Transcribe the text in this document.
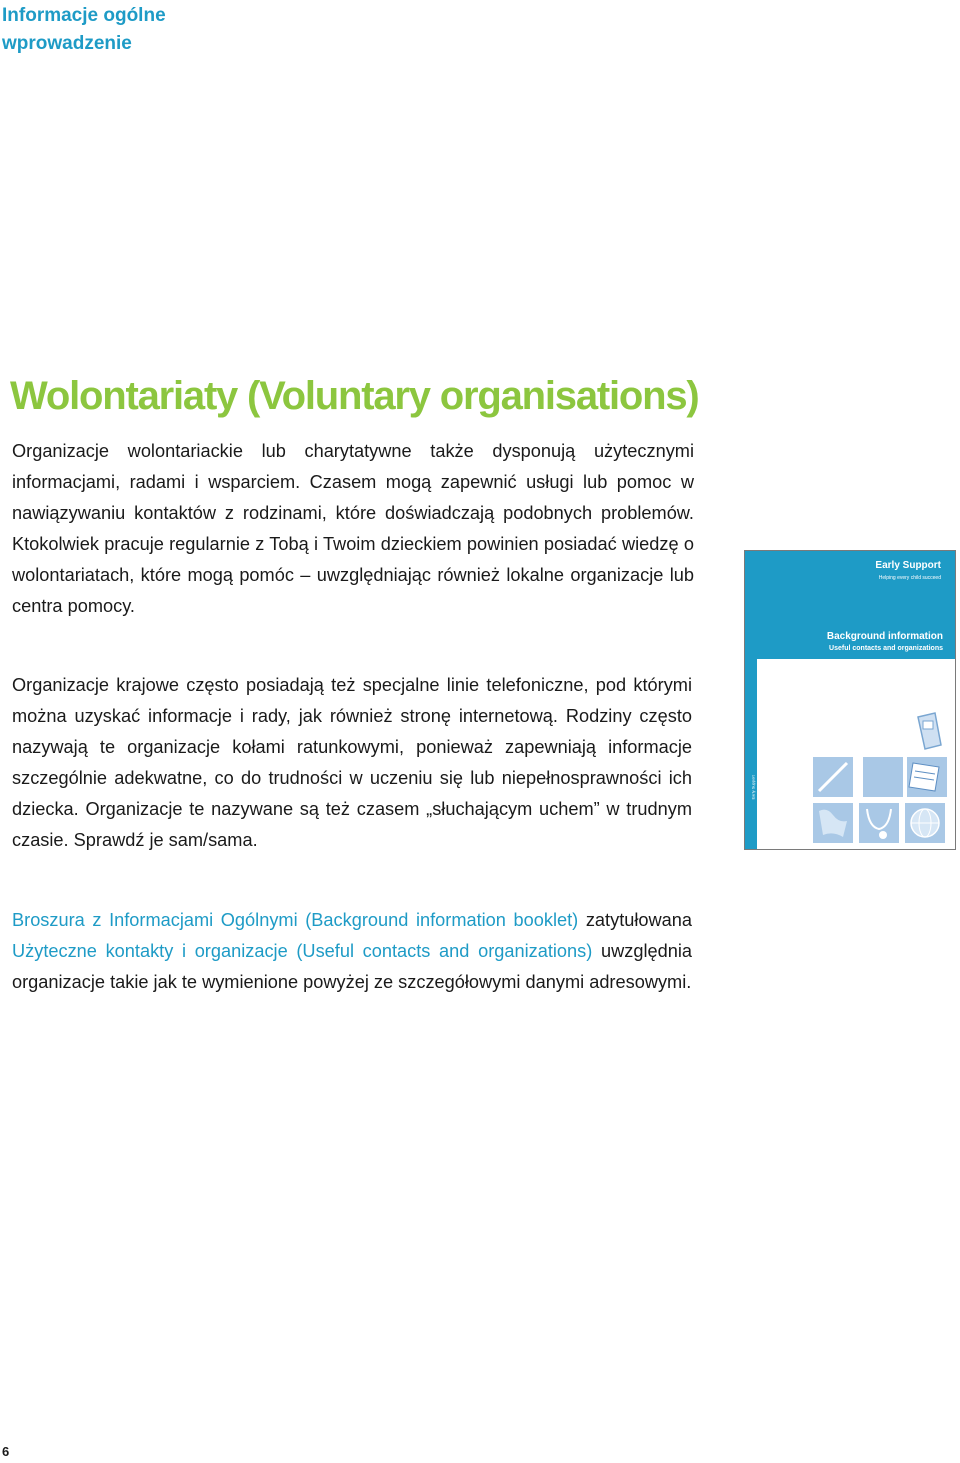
Informacje ogólne
wprowadzenie
Wolontariaty (Voluntary organisations)
Organizacje wolontariackie lub charytatywne także dysponują użytecznymi informacjami, radami i wsparciem. Czasem mogą zapewnić usługi lub pomoc w nawiązywaniu kontaktów z rodzinami, które doświadczają podobnych problemów. Ktokolwiek pracuje regularnie z Tobą i Twoim dzieckiem powinien posiadać wiedzę o wolontariatach, które mogą pomóc – uwzględniając również lokalne organizacje lub centra pomocy.
Early Support
Helping every child succeed
Background information
Useful contacts and organizations
Early Support
Organizacje krajowe często posiadają też specjalne linie telefoniczne, pod którymi można uzyskać informacje i rady, jak również stronę internetową. Rodziny często nazywają te organizacje kołami ratunkowymi, ponieważ zapewniają informacje szczególnie adekwatne, co do trudności w uczeniu się lub niepełnosprawności ich dziecka. Organizacje te nazywane są też czasem „słuchającym uchem” w trudnym czasie. Sprawdź je sam/sama.
Broszura z Informacjami Ogólnymi (Background information booklet) zatytułowana Użyteczne kontakty i organizacje (Useful contacts and organizations) uwzględnia organizacje takie jak te wymienione powyżej ze szczegółowymi danymi adresowymi.
6
